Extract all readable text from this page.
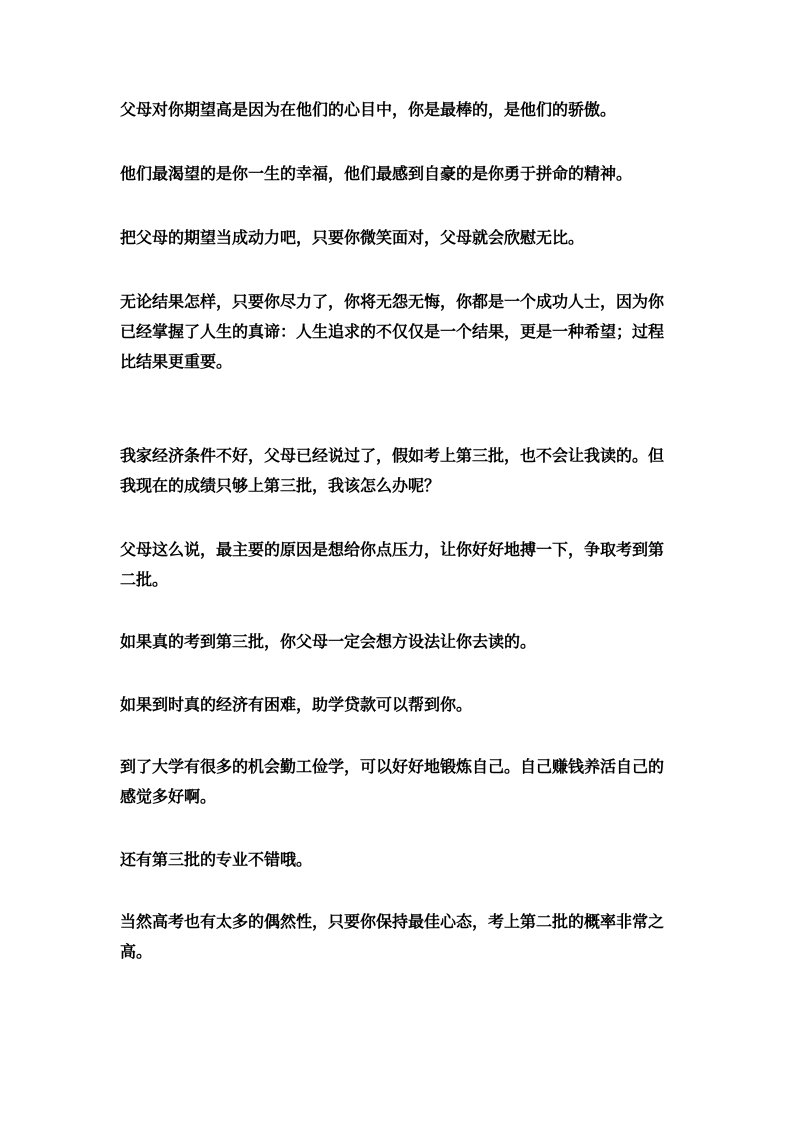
父母对你期望高是因为在他们的心目中，你是最棒的，是他们的骄傲。

他们最渴望的是你一生的幸福，他们最感到自豪的是你勇于拼命的精神。

把父母的期望当成动力吧，只要你微笑面对，父母就会欣慰无比。

无论结果怎样，只要你尽力了，你将无怨无悔，你都是一个成功人士，因为你
已经掌握了人生的真谛：人生追求的不仅仅是一个结果，更是一种希望；过程
比结果更重要。

我家经济条件不好，父母已经说过了，假如考上第三批，也不会让我读的。但
我现在的成绩只够上第三批，我该怎么办呢？

父母这么说，最主要的原因是想给你点压力，让你好好地搏一下，争取考到第
二批。

如果真的考到第三批，你父母一定会想方设法让你去读的。

如果到时真的经济有困难，助学贷款可以帮到你。

到了大学有很多的机会勤工俭学，可以好好地锻炼自己。自己赚钱养活自己的
感觉多好啊。

还有第三批的专业不错哦。

当然高考也有太多的偶然性，只要你保持最佳心态，考上第二批的概率非常之
高。
